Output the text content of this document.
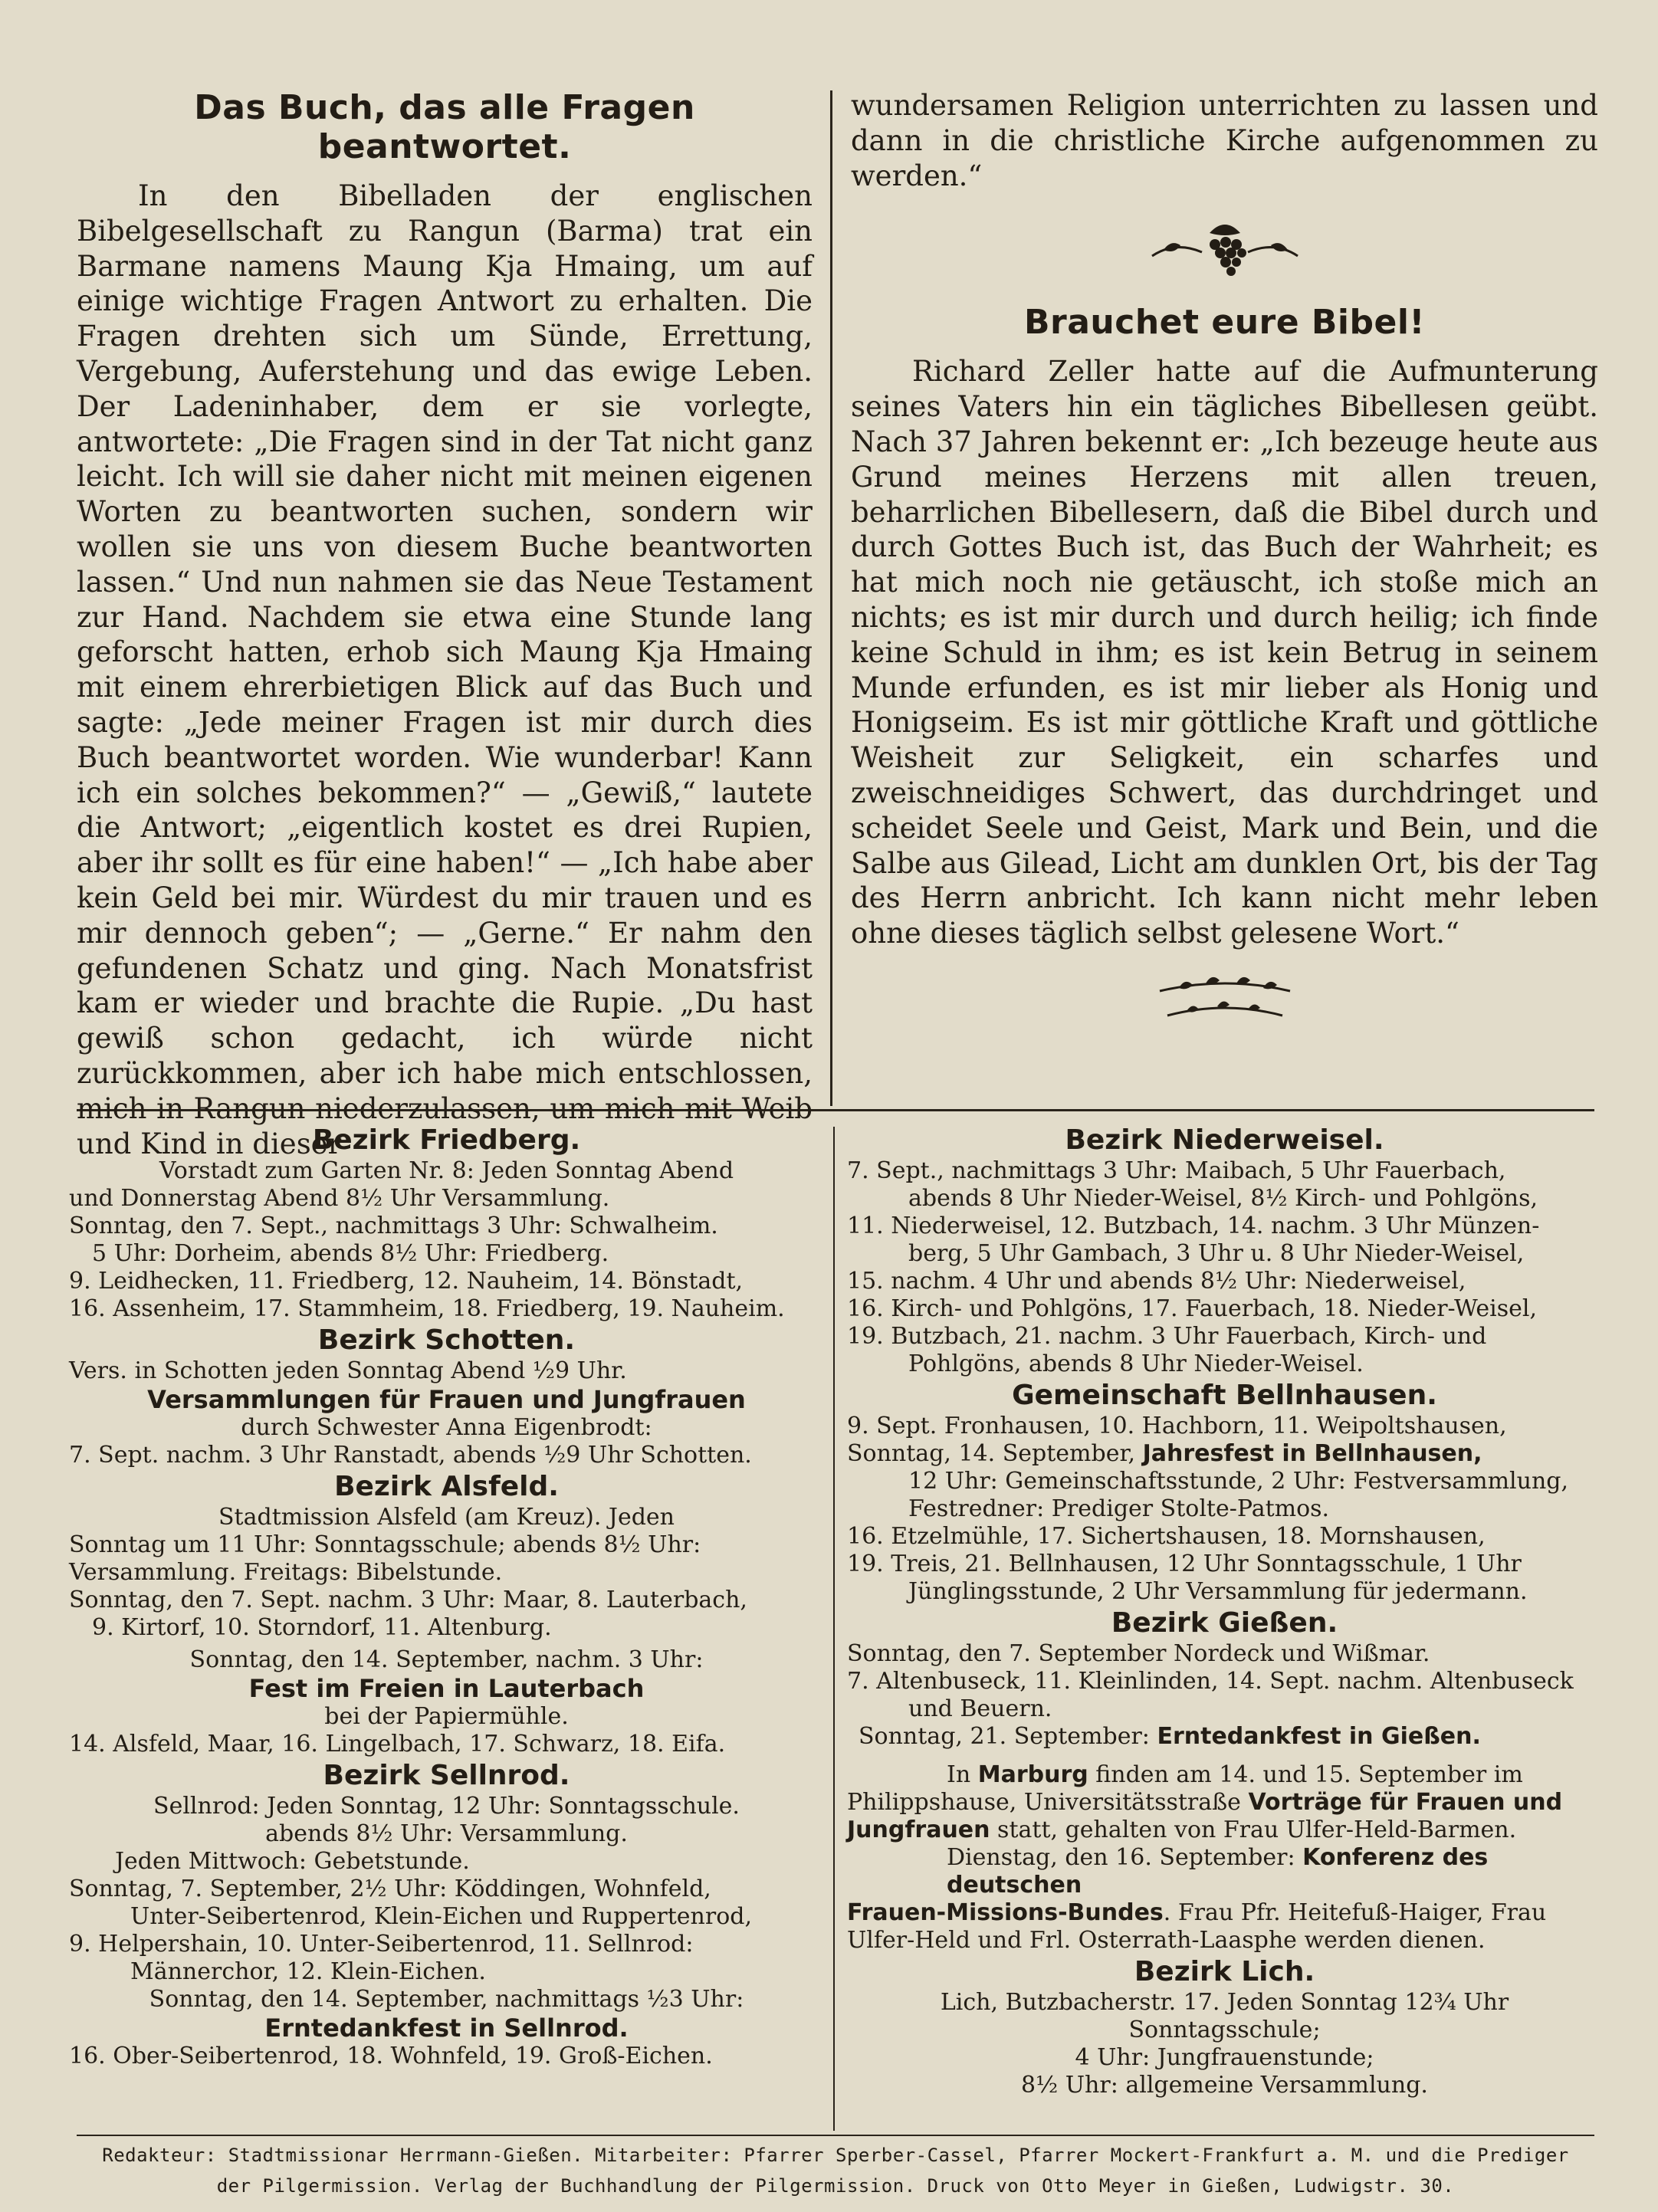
Das Buch, das alle Fragen beantwortet.

In den Bibelladen der englischen Bibelgesellschaft zu Rangun (Barma) trat ein Barmane namens Maung Kja Hmaing, um auf einige wichtige Fragen Antwort zu erhalten. Die Fragen drehten sich um Sünde, Errettung, Vergebung, Auferstehung und das ewige Leben. Der Ladeninhaber, dem er sie vorlegte, antwortete: „Die Fragen sind in der Tat nicht ganz leicht. Ich will sie daher nicht mit meinen eigenen Worten zu beantworten suchen, sondern wir wollen sie uns von diesem Buche beantworten lassen.“ Und nun nahmen sie das Neue Testament zur Hand. Nachdem sie etwa eine Stunde lang geforscht hatten, erhob sich Maung Kja Hmaing mit einem ehrerbietigen Blick auf das Buch und sagte: „Jede meiner Fragen ist mir durch dies Buch beantwortet worden. Wie wunderbar! Kann ich ein solches bekommen?“ — „Gewiß,“ lautete die Antwort; „eigentlich kostet es drei Rupien, aber ihr sollt es für eine haben!“ — „Ich habe aber kein Geld bei mir. Würdest du mir trauen und es mir dennoch geben“; — „Gerne.“ Er nahm den gefundenen Schatz und ging. Nach Monatsfrist kam er wieder und brachte die Rupie. „Du hast gewiß schon gedacht, ich würde nicht zurückkommen, aber ich habe mich entschlossen, mich in Rangun niederzulassen, um mich mit Weib und Kind in dieser

wundersamen Religion unterrichten zu lassen und dann in die christliche Kirche aufgenommen zu werden.“

Brauchet eure Bibel!

Richard Zeller hatte auf die Aufmunterung seines Vaters hin ein tägliches Bibellesen geübt. Nach 37 Jahren bekennt er: „Ich bezeuge heute aus Grund meines Herzens mit allen treuen, beharrlichen Bibellesern, daß die Bibel durch und durch Gottes Buch ist, das Buch der Wahrheit; es hat mich noch nie getäuscht, ich stoße mich an nichts; es ist mir durch und durch heilig; ich finde keine Schuld in ihm; es ist kein Betrug in seinem Munde erfunden, es ist mir lieber als Honig und Honigseim. Es ist mir göttliche Kraft und göttliche Weisheit zur Seligkeit, ein scharfes und zweischneidiges Schwert, das durchdringet und scheidet Seele und Geist, Mark und Bein, und die Salbe aus Gilead, Licht am dunklen Ort, bis der Tag des Herrn anbricht. Ich kann nicht mehr leben ohne dieses täglich selbst gelesene Wort.“

Bezirk Friedberg.

Vorstadt zum Garten Nr. 8: Jeden Sonntag Abend

und Donnerstag Abend 8½ Uhr Versammlung.

Sonntag, den 7. Sept., nachmittags 3 Uhr: Schwalheim.

5 Uhr: Dorheim, abends 8½ Uhr: Friedberg.

9. Leidhecken, 11. Friedberg, 12. Nauheim, 14. Bönstadt,

16. Assenheim, 17. Stammheim, 18. Friedberg, 19. Nauheim.

Bezirk Schotten.

Vers. in Schotten jeden Sonntag Abend ½9 Uhr.

Versammlungen für Frauen und Jungfrauen

durch Schwester Anna Eigenbrodt:

7. Sept. nachm. 3 Uhr Ranstadt, abends ½9 Uhr Schotten.

Bezirk Alsfeld.

Stadtmission Alsfeld (am Kreuz). Jeden

Sonntag um 11 Uhr: Sonntagsschule; abends 8½ Uhr:

Versammlung. Freitags: Bibelstunde.

Sonntag, den 7. Sept. nachm. 3 Uhr: Maar, 8. Lauterbach,

9. Kirtorf, 10. Storndorf, 11. Altenburg.

Sonntag, den 14. September, nachm. 3 Uhr:

Fest im Freien in Lauterbach

bei der Papiermühle.

14. Alsfeld, Maar, 16. Lingelbach, 17. Schwarz, 18. Eifa.

Bezirk Sellnrod.

Sellnrod: Jeden Sonntag, 12 Uhr: Sonntagsschule.

abends 8½ Uhr: Versammlung.

Jeden Mittwoch: Gebetstunde.

Sonntag, 7. September, 2½ Uhr: Köddingen, Wohnfeld,

Unter-Seibertenrod, Klein-Eichen und Ruppertenrod,

9. Helpershain, 10. Unter-Seibertenrod, 11. Sellnrod:

Männerchor, 12. Klein-Eichen.

Sonntag, den 14. September, nachmittags ½3 Uhr:

Erntedankfest in Sellnrod.

16. Ober-Seibertenrod, 18. Wohnfeld, 19. Groß-Eichen.

Bezirk Niederweisel.

7. Sept., nachmittags 3 Uhr: Maibach, 5 Uhr Fauerbach,

abends 8 Uhr Nieder-Weisel, 8½ Kirch- und Pohlgöns,

11. Niederweisel, 12. Butzbach, 14. nachm. 3 Uhr Münzen-

berg, 5 Uhr Gambach, 3 Uhr u. 8 Uhr Nieder-Weisel,

15. nachm. 4 Uhr und abends 8½ Uhr: Niederweisel,

16. Kirch- und Pohlgöns, 17. Fauerbach, 18. Nieder-Weisel,

19. Butzbach, 21. nachm. 3 Uhr Fauerbach, Kirch- und

Pohlgöns, abends 8 Uhr Nieder-Weisel.

Gemeinschaft Bellnhausen.

9. Sept. Fronhausen, 10. Hachborn, 11. Weipoltshausen,

Sonntag, 14. September, Jahresfest in Bellnhausen,

12 Uhr: Gemeinschaftsstunde, 2 Uhr: Festversammlung,

Festredner: Prediger Stolte-Patmos.

16. Etzelmühle, 17. Sichertshausen, 18. Mornshausen,

19. Treis, 21. Bellnhausen, 12 Uhr Sonntagsschule, 1 Uhr

Jünglingsstunde, 2 Uhr Versammlung für jedermann.

Bezirk Gießen.

Sonntag, den 7. September Nordeck und Wißmar.

7. Altenbuseck, 11. Kleinlinden, 14. Sept. nachm. Altenbuseck

und Beuern.

Sonntag, 21. September: Erntedankfest in Gießen.

In Marburg finden am 14. und 15. September im

Philippshause, Universitätsstraße Vorträge für Frauen und

Jungfrauen statt, gehalten von Frau Ulfer-Held-Barmen.

Dienstag, den 16. September: Konferenz des deutschen

Frauen-Missions-Bundes. Frau Pfr. Heitefuß-Haiger, Frau

Ulfer-Held und Frl. Osterrath-Laasphe werden dienen.

Bezirk Lich.

Lich, Butzbacherstr. 17. Jeden Sonntag 12¾ Uhr

Sonntagsschule;

4 Uhr: Jungfrauenstunde;

8½ Uhr: allgemeine Versammlung.

Redakteur: Stadtmissionar Herrmann-Gießen. Mitarbeiter: Pfarrer Sperber-Cassel, Pfarrer Mockert-Frankfurt a. M. und die Prediger
der Pilgermission. Verlag der Buchhandlung der Pilgermission. Druck von Otto Meyer in Gießen, Ludwigstr. 30.
